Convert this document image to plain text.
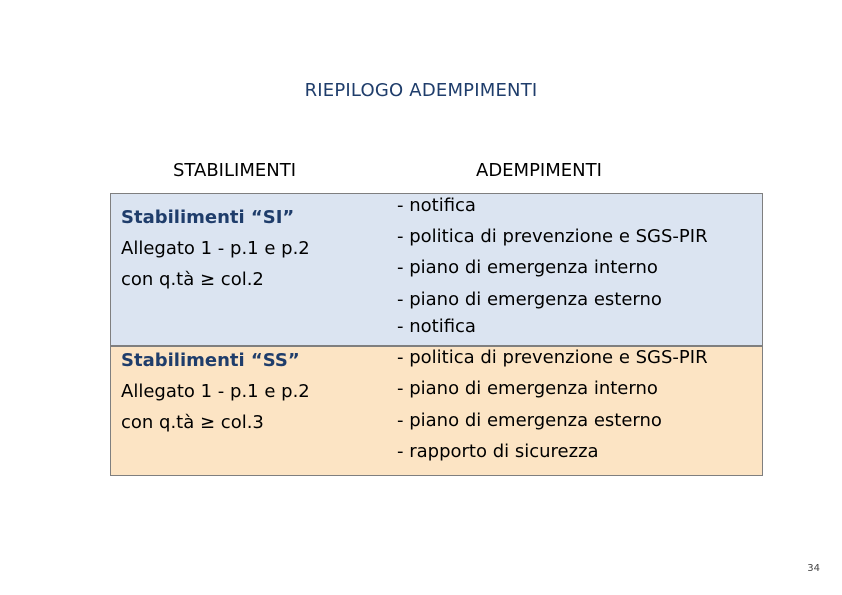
RIEPILOGO ADEMPIMENTI
STABILIMENTI	ADEMPIMENTI
Stabilimenti “SI”
Allegato 1 - p.1 e p.2
con q.tà ≥ col.2
- notifica
- politica di prevenzione e SGS-PIR
- piano di emergenza interno
- piano di emergenza esterno
Stabilimenti “SS”
Allegato 1 - p.1 e p.2
con q.tà ≥ col.3
- notifica
- politica di prevenzione e SGS-PIR
- piano di emergenza interno
- piano di emergenza esterno
- rapporto di sicurezza
34
